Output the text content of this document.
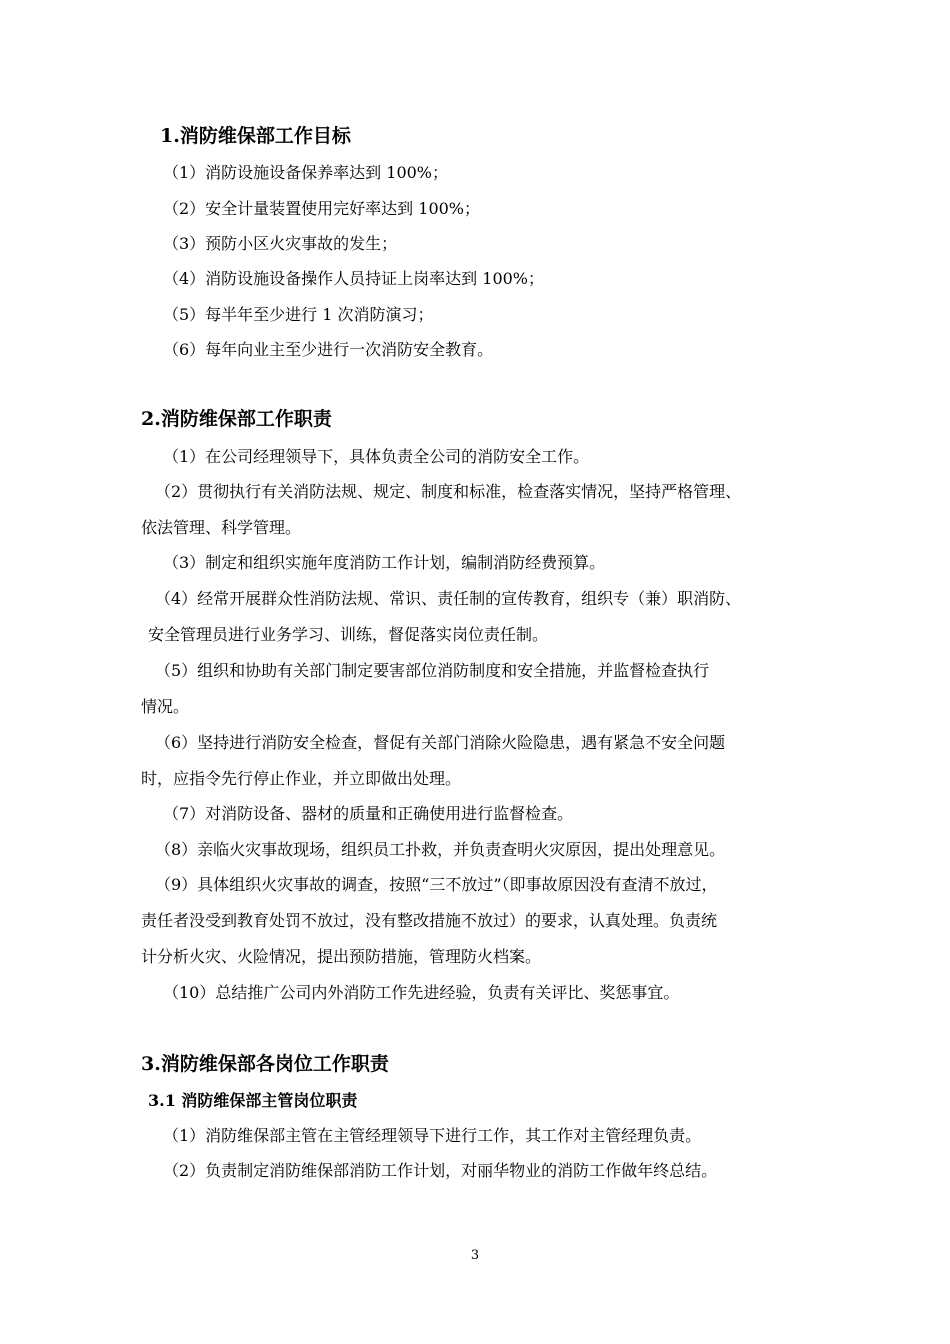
1.消防维保部工作目标
（1）消防设施设备保养率达到 100%；
（2）安全计量装置使用完好率达到 100%；
（3）预防小区火灾事故的发生；
（4）消防设施设备操作人员持证上岗率达到 100%；
（5）每半年至少进行 1 次消防演习；
（6）每年向业主至少进行一次消防安全教育。
2.消防维保部工作职责
（1）在公司经理领导下，具体负责全公司的消防安全工作。
（2）贯彻执行有关消防法规、规定、制度和标准，检查落实情况，坚持严格管理、
依法管理、科学管理。
（3）制定和组织实施年度消防工作计划，编制消防经费预算。
（4）经常开展群众性消防法规、常识、责任制的宣传教育，组织专（兼）职消防、
安全管理员进行业务学习、训练，督促落实岗位责任制。
（5）组织和协助有关部门制定要害部位消防制度和安全措施，并监督检查执行
情况。
（6）坚持进行消防安全检查，督促有关部门消除火险隐患，遇有紧急不安全问题
时，应指令先行停止作业，并立即做出处理。
（7）对消防设备、器材的质量和正确使用进行监督检查。
（8）亲临火灾事故现场，组织员工扑救，并负责查明火灾原因，提出处理意见。
（9）具体组织火灾事故的调查，按照“三不放过”（即事故原因没有查清不放过，
责任者没受到教育处罚不放过，没有整改措施不放过）的要求，认真处理。负责统
计分析火灾、火险情况，提出预防措施，管理防火档案。
（10）总结推广公司内外消防工作先进经验，负责有关评比、奖惩事宜。
3.消防维保部各岗位工作职责
3.1 消防维保部主管岗位职责
（1）消防维保部主管在主管经理领导下进行工作，其工作对主管经理负责。
（2）负责制定消防维保部消防工作计划，对丽华物业的消防工作做年终总结。
3
